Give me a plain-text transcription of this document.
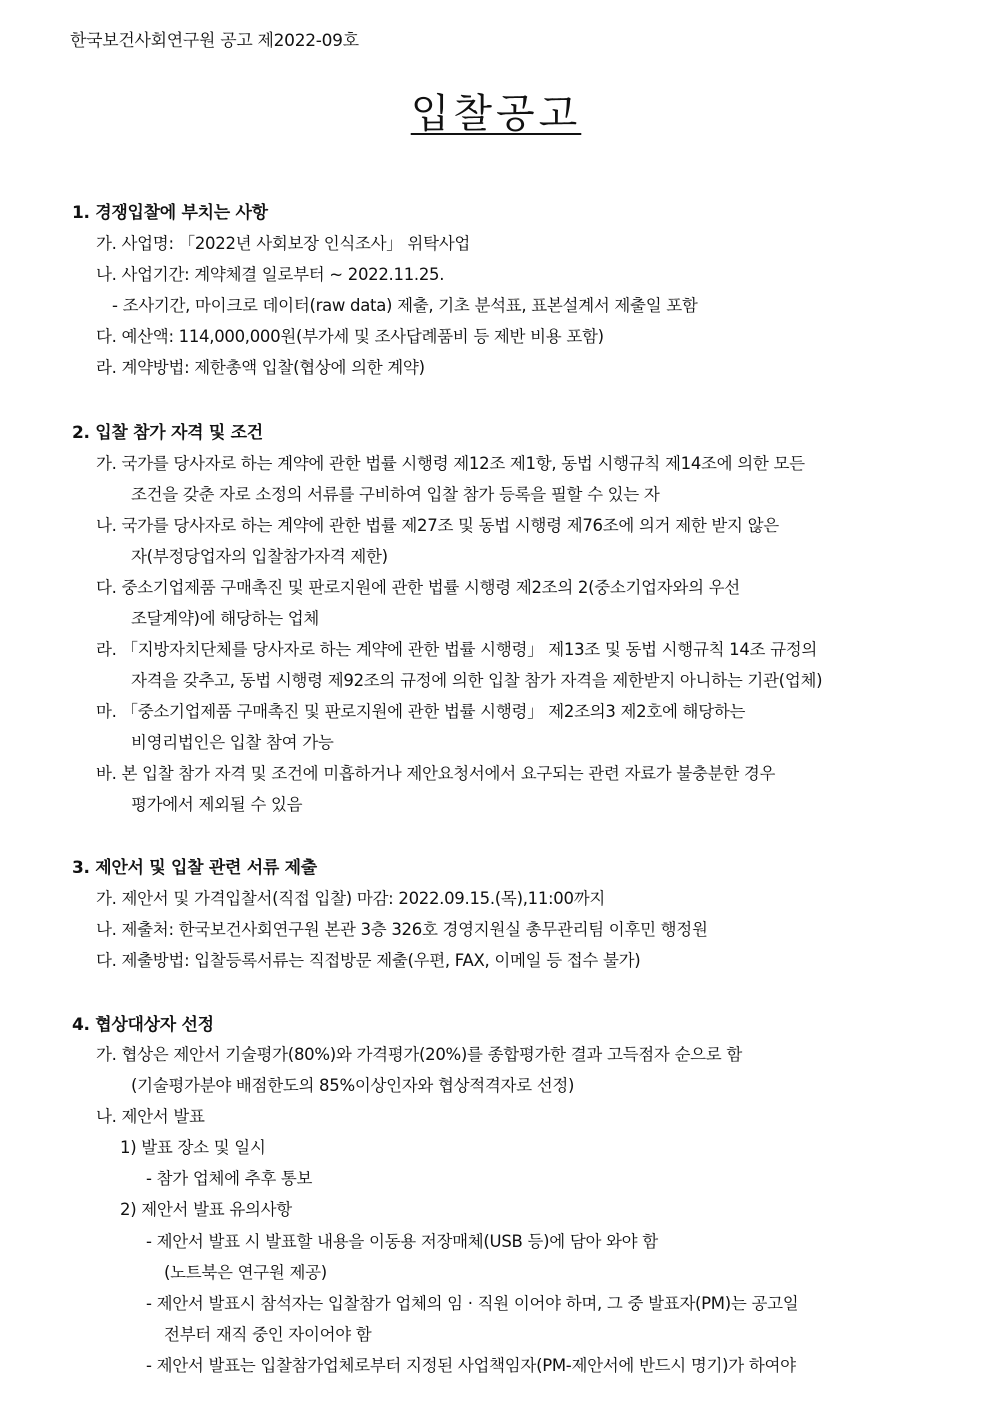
한국보건사회연구원 공고 제2022-09호
입찰공고
1. 경쟁입찰에 부치는 사항
가. 사업명: 「2022년 사회보장 인식조사」 위탁사업
나. 사업기간: 계약체결 일로부터 ~ 2022.11.25.
- 조사기간, 마이크로 데이터(raw data) 제출, 기초 분석표, 표본설계서 제출일 포함
다. 예산액: 114,000,000원(부가세 및 조사답례품비 등 제반 비용 포함)
라. 계약방법: 제한총액 입찰(협상에 의한 계약)
2. 입찰 참가 자격 및 조건
가. 국가를 당사자로 하는 계약에 관한 법률 시행령 제12조 제1항, 동법 시행규칙 제14조에 의한 모든
조건을 갖춘 자로 소정의 서류를 구비하여 입찰 참가 등록을 필할 수 있는 자
나. 국가를 당사자로 하는 계약에 관한 법률 제27조 및 동법 시행령 제76조에 의거 제한 받지 않은
자(부정당업자의 입찰참가자격 제한)
다. 중소기업제품 구매촉진 및 판로지원에 관한 법률 시행령 제2조의 2(중소기업자와의 우선
조달계약)에 해당하는 업체
라. 「지방자치단체를 당사자로 하는 계약에 관한 법률 시행령」 제13조 및 동법 시행규칙 14조 규정의
자격을 갖추고, 동법 시행령 제92조의 규정에 의한 입찰 참가 자격을 제한받지 아니하는 기관(업체)
마. 「중소기업제품 구매촉진 및 판로지원에 관한 법률 시행령」 제2조의3 제2호에 해당하는
비영리법인은 입찰 참여 가능
바. 본 입찰 참가 자격 및 조건에 미흡하거나 제안요청서에서 요구되는 관련 자료가 불충분한 경우
평가에서 제외될 수 있음
3. 제안서 및 입찰 관련 서류 제출
가. 제안서 및 가격입찰서(직접 입찰) 마감: 2022.09.15.(목),11:00까지
나. 제출처: 한국보건사회연구원 본관 3층 326호 경영지원실 총무관리팀 이후민 행정원
다. 제출방법: 입찰등록서류는 직접방문 제출(우편, FAX, 이메일 등 접수 불가)
4. 협상대상자 선정
가. 협상은 제안서 기술평가(80%)와 가격평가(20%)를 종합평가한 결과 고득점자 순으로 함
(기술평가분야 배점한도의 85%이상인자와 협상적격자로 선정)
나. 제안서 발표
1) 발표 장소 및 일시
- 참가 업체에 추후 통보
2) 제안서 발표 유의사항
- 제안서 발표 시 발표할 내용을 이동용 저장매체(USB 등)에 담아 와야 함
(노트북은 연구원 제공)
- 제안서 발표시 참석자는 입찰참가 업체의 임 · 직원 이어야 하며, 그 중 발표자(PM)는 공고일
전부터 재직 중인 자이어야 함
- 제안서 발표는 입찰참가업체로부터 지정된 사업책임자(PM-제안서에 반드시 명기)가 하여야
